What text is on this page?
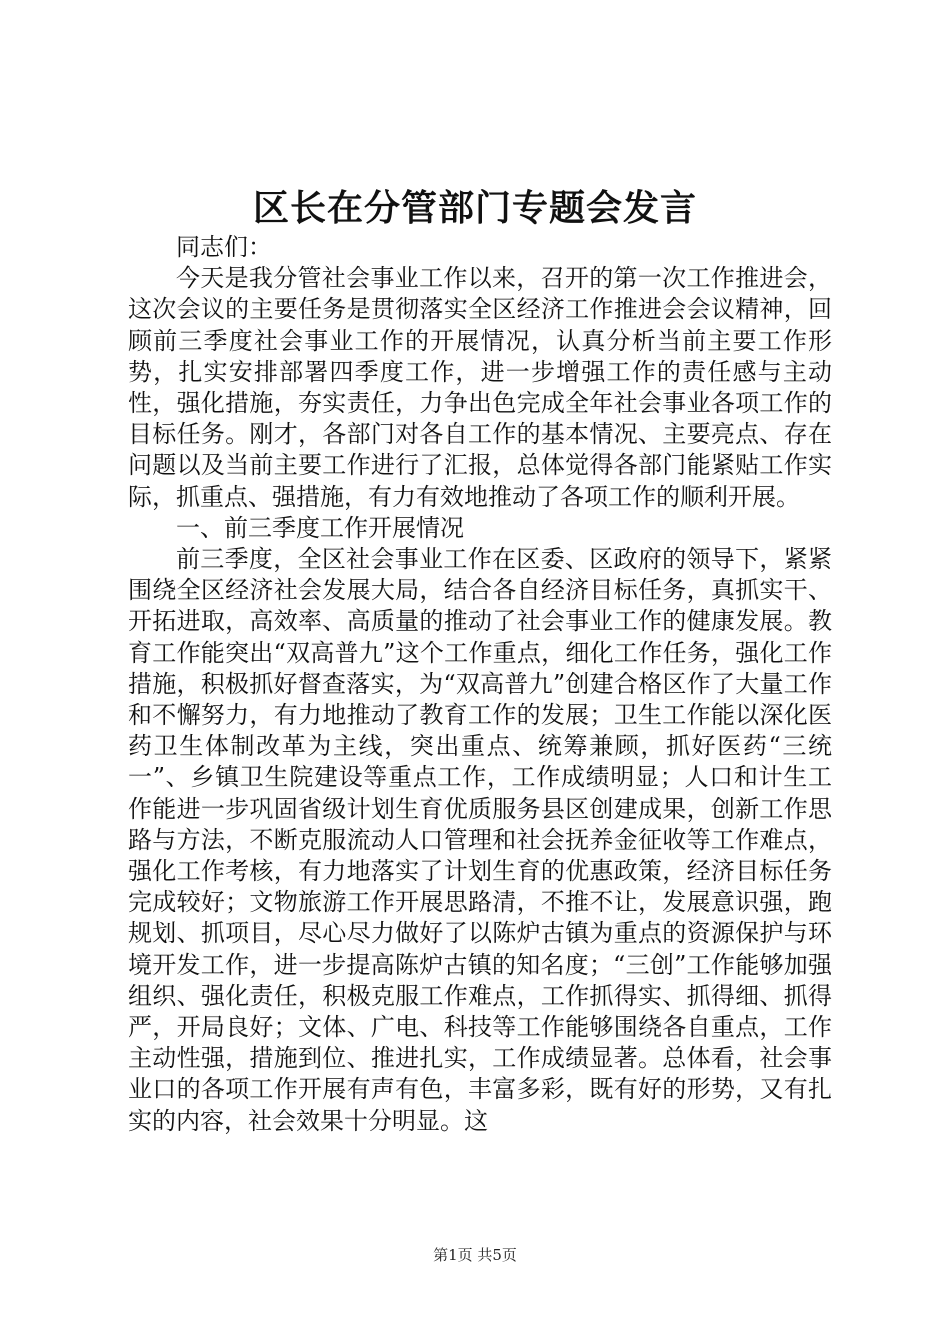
区长在分管部门专题会发言

同志们：

今天是我分管社会事业工作以来，召开的第一次工作推进会，这次会议的主要任务是贯彻落实全区经济工作推进会会议精神，回顾前三季度社会事业工作的开展情况，认真分析当前主要工作形势，扎实安排部署四季度工作，进一步增强工作的责任感与主动性，强化措施，夯实责任，力争出色完成全年社会事业各项工作的目标任务。刚才，各部门对各自工作的基本情况、主要亮点、存在问题以及当前主要工作进行了汇报，总体觉得各部门能紧贴工作实际，抓重点、强措施，有力有效地推动了各项工作的顺利开展。

一、前三季度工作开展情况

前三季度，全区社会事业工作在区委、区政府的领导下，紧紧围绕全区经济社会发展大局，结合各自经济目标任务，真抓实干、开拓进取，高效率、高质量的推动了社会事业工作的健康发展。教育工作能突出“双高普九”这个工作重点，细化工作任务，强化工作措施，积极抓好督查落实，为“双高普九”创建合格区作了大量工作和不懈努力，有力地推动了教育工作的发展；卫生工作能以深化医药卫生体制改革为主线，突出重点、统筹兼顾，抓好医药“三统一”、乡镇卫生院建设等重点工作，工作成绩明显；人口和计生工作能进一步巩固省级计划生育优质服务县区创建成果，创新工作思路与方法，不断克服流动人口管理和社会抚养金征收等工作难点，强化工作考核，有力地落实了计划生育的优惠政策，经济目标任务完成较好；文物旅游工作开展思路清，不推不让，发展意识强，跑规划、抓项目，尽心尽力做好了以陈炉古镇为重点的资源保护与环境开发工作，进一步提高陈炉古镇的知名度；“三创”工作能够加强组织、强化责任，积极克服工作难点，工作抓得实、抓得细、抓得严，开局良好；文体、广电、科技等工作能够围绕各自重点，工作主动性强，措施到位、推进扎实，工作成绩显著。总体看，社会事业口的各项工作开展有声有色，丰富多彩，既有好的形势，又有扎实的内容，社会效果十分明显。这

第1页 共5页
